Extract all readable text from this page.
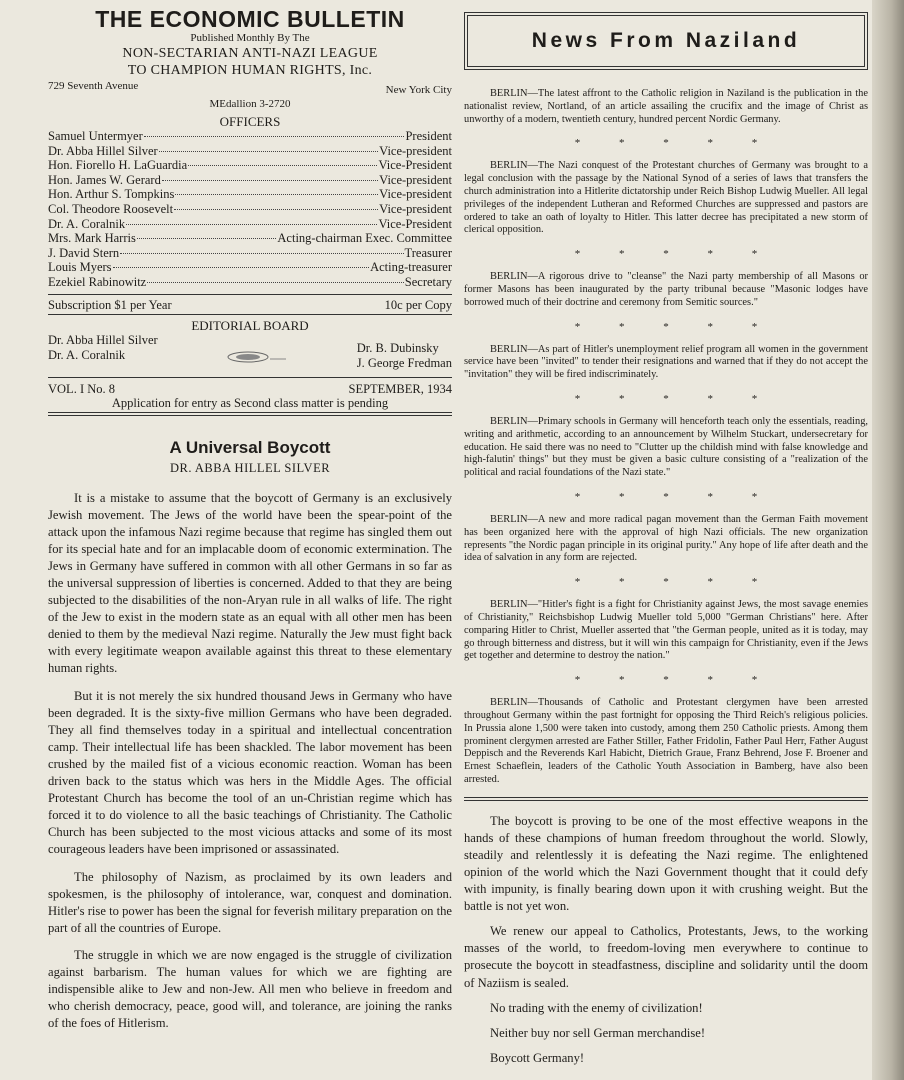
THE ECONOMIC BULLETIN
Published Monthly By The
NON-SECTARIAN ANTI-NAZI LEAGUE
TO CHAMPION HUMAN RIGHTS, Inc.
729 Seventh Avenue	New York City
MEdallion 3-2720
OFFICERS
Samuel Untermyer	President
Dr. Abba Hillel Silver	Vice-president
Hon. Fiorello H. LaGuardia	Vice-President
Hon. James W. Gerard	Vice-president
Hon. Arthur S. Tompkins	Vice-president
Col. Theodore Roosevelt	Vice-president
Dr. A. Coralnik	Vice-President
Mrs. Mark Harris	Acting-chairman Exec. Committee
J. David Stern	Treasurer
Louis Myers	Acting-treasurer
Ezekiel Rabinowitz	Secretary
Subscription $1 per Year	10c per Copy
EDITORIAL BOARD
Dr. Abba Hillel Silver
Dr. A. Coralnik	Dr. B. Dubinsky
J. George Fredman
VOL. I No. 8	SEPTEMBER, 1934
Application for entry as Second class matter is pending
A Universal Boycott
DR. ABBA HILLEL SILVER

It is a mistake to assume that the boycott of Germany is an exclusively Jewish movement. The Jews of the world have been the spear-point of the attack upon the infamous Nazi regime because that regime has singled them out for its special hate and for an implacable doom of economic extermination. The Jews in Germany have suffered in common with all other Germans in so far as the universal suppression of liberties is concerned. Added to that they are being subjected to the disabilities of the non-Aryan rule in all walks of life. The right of the Jew to exist in the modern state as an equal with all other men has been denied to them by the medieval Nazi regime. Naturally the Jew must fight back with every legitimate weapon available against this threat to these elementary human rights.

But it is not merely the six hundred thousand Jews in Germany who have been degraded. It is the sixty-five million Germans who have been degraded. They all find themselves today in a spiritual and intellectual concentration camp. Their intellectual life has been shackled. The labor movement has been crushed by the mailed fist of a vicious economic reaction. Woman has been driven back to the status which was hers in the Middle Ages. The official Protestant Church has become the tool of an un-Christian regime which has forced it to do violence to all the basic teachings of Christianity. The Catholic Church has been subjected to the most vicious attacks and some of its most courageous leaders have been imprisoned or assassinated.

The philosophy of Nazism, as proclaimed by its own leaders and spokesmen, is the philosophy of intolerance, war, conquest and domination. Hitler's rise to power has been the signal for feverish military preparation on the part of all the countries of Europe.

The struggle in which we are now engaged is the struggle of civilization against barbarism. The human values for which we are fighting are indispensible alike to Jew and non-Jew. All men who believe in freedom and who cherish democracy, peace, good will, and tolerance, are joining the ranks of the foes of Hitlerism.

News From Naziland

BERLIN—The latest affront to the Catholic religion in Naziland is the publication in the nationalist review, Nortland, of an article assailing the crucifix and the image of Christ as unworthy of a modern, twentieth century, hundred percent Nordic Germany.

* * * * *

BERLIN—The Nazi conquest of the Protestant churches of Germany was brought to a legal conclusion with the passage by the National Synod of a series of laws that transfers the church administration into a Hitlerite dictatorship under Reich Bishop Ludwig Mueller. All legal privileges of the independent Lutheran and Reformed Churches are suppressed and pastors are ordered to take an oath of loyalty to Hitler. This latter decree has precipitated a new storm of clerical opposition.

* * * * *

BERLIN—A rigorous drive to "cleanse" the Nazi party membership of all Masons or former Masons has been inaugurated by the party tribunal because "Masonic lodges have borrowed much of their doctrine and ceremony from Semitic sources."

* * * * *

BERLIN—As part of Hitler's unemployment relief program all women in the government service have been "invited" to tender their resignations and warned that if they do not accept the "invitation" they will be fired indiscriminately.

* * * * *

BERLIN—Primary schools in Germany will henceforth teach only the essentials, reading, writing and arithmetic, according to an announcement by Wilhelm Stuckart, undersecretary for education. He said there was no need to "Clutter up the childish mind with false knowledge and high-falutin' things" but they must be given a basic culture consisting of a "realization of the political and racial foundations of the Nazi state."

* * * * *

BERLIN—A new and more radical pagan movement than the German Faith movement has been organized here with the approval of high Nazi officials. The new organization represents "the Nordic pagan principle in its original purity." Any hope of life after death and the idea of salvation in any form are rejected.

* * * * *

BERLIN—"Hitler's fight is a fight for Christianity against Jews, the most savage enemies of Christianity," Reichsbishop Ludwig Mueller told 5,000 "German Christians" here. After comparing Hitler to Christ, Mueller asserted that "the German people, united as it is today, may go through bitterness and distress, but it will win this campaign for Christianity, even if the Jews get together and determine to destroy the nation."

* * * * *

BERLIN—Thousands of Catholic and Protestant clergymen have been arrested throughout Germany within the past fortnight for opposing the Third Reich's religious policies. In Prussia alone 1,500 were taken into custody, among them 250 Catholic priests. Among them prominent clergymen arrested are Father Stiller, Father Fridolin, Father Paul Herr, Father August Deppisch and the Reverends Karl Habicht, Dietrich Graue, Franz Behrend, Jose F. Broener and Ernest Schaeflein, leaders of the Catholic Youth Association in Bamberg, have also been arrested.

The boycott is proving to be one of the most effective weapons in the hands of these champions of human freedom throughout the world. Slowly, steadily and relentlessly it is defeating the Nazi regime. The enlightened opinion of the world which the Nazi Government thought that it could defy with impunity, is finally bearing down upon it with crushing weight. But the battle is not yet won.

We renew our appeal to Catholics, Protestants, Jews, to the working masses of the world, to freedom-loving men everywhere to continue to prosecute the boycott in steadfastness, discipline and solidarity until the doom of Naziism is sealed.

No trading with the enemy of civilization!

Neither buy nor sell German merchandise!

Boycott Germany!
